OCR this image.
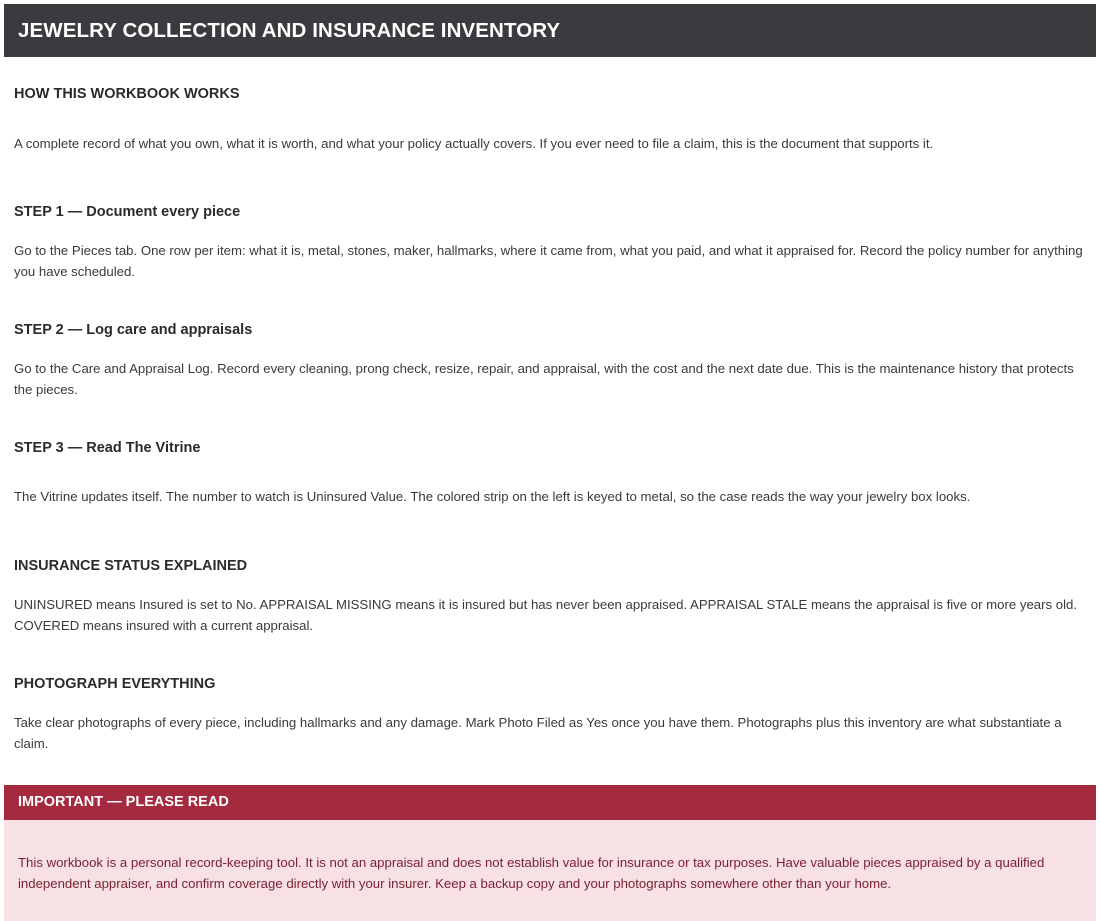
JEWELRY COLLECTION AND INSURANCE INVENTORY
HOW THIS WORKBOOK WORKS
A complete record of what you own, what it is worth, and what your policy actually covers. If you ever need to file a claim, this is the document that supports it.
STEP 1 — Document every piece
Go to the Pieces tab. One row per item: what it is, metal, stones, maker, hallmarks, where it came from, what you paid, and what it appraised for. Record the policy number for anything you have scheduled.
STEP 2 — Log care and appraisals
Go to the Care and Appraisal Log. Record every cleaning, prong check, resize, repair, and appraisal, with the cost and the next date due. This is the maintenance history that protects the pieces.
STEP 3 — Read The Vitrine
The Vitrine updates itself. The number to watch is Uninsured Value. The colored strip on the left is keyed to metal, so the case reads the way your jewelry box looks.
INSURANCE STATUS EXPLAINED
UNINSURED means Insured is set to No. APPRAISAL MISSING means it is insured but has never been appraised. APPRAISAL STALE means the appraisal is five or more years old. COVERED means insured with a current appraisal.
PHOTOGRAPH EVERYTHING
Take clear photographs of every piece, including hallmarks and any damage. Mark Photo Filed as Yes once you have them. Photographs plus this inventory are what substantiate a claim.
IMPORTANT — PLEASE READ
This workbook is a personal record-keeping tool. It is not an appraisal and does not establish value for insurance or tax purposes. Have valuable pieces appraised by a qualified independent appraiser, and confirm coverage directly with your insurer. Keep a backup copy and your photographs somewhere other than your home.
